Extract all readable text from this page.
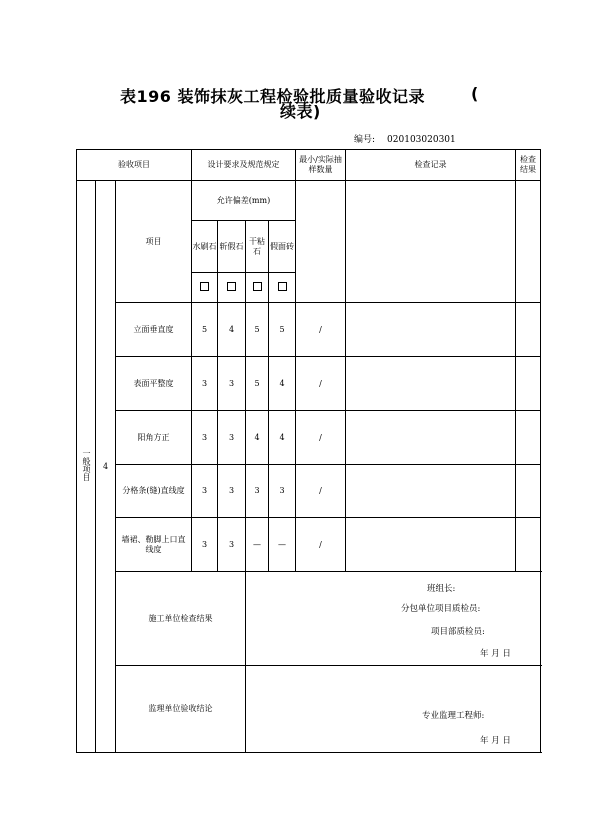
表196 装饰抹灰工程检验批质量验收记录	(
续表)
编号: 020103020301
验收项目			设计要求及规范规定				最小/实际抽样数量	检查记录	检查结果
一般项目	4	项目	允许偏差(mm)						
			水刷石	斩假石	干粘石	假面砖			

		立面垂直度	5	4	5	5	/		
		表面平整度	3	3	5	4	/		
		阳角方正	3	3	4	4	/		
		分格条(缝)直线度	3	3	3	3	/		
		墙裙、勒脚上口直线度	3	3	—	—	/		
		施工单位检查结果			班组长:
分包单位项目质检员:
项目部质检员:
年 月 日				

		监理单位验收结论			专业监理工程师:
年 月 日				
